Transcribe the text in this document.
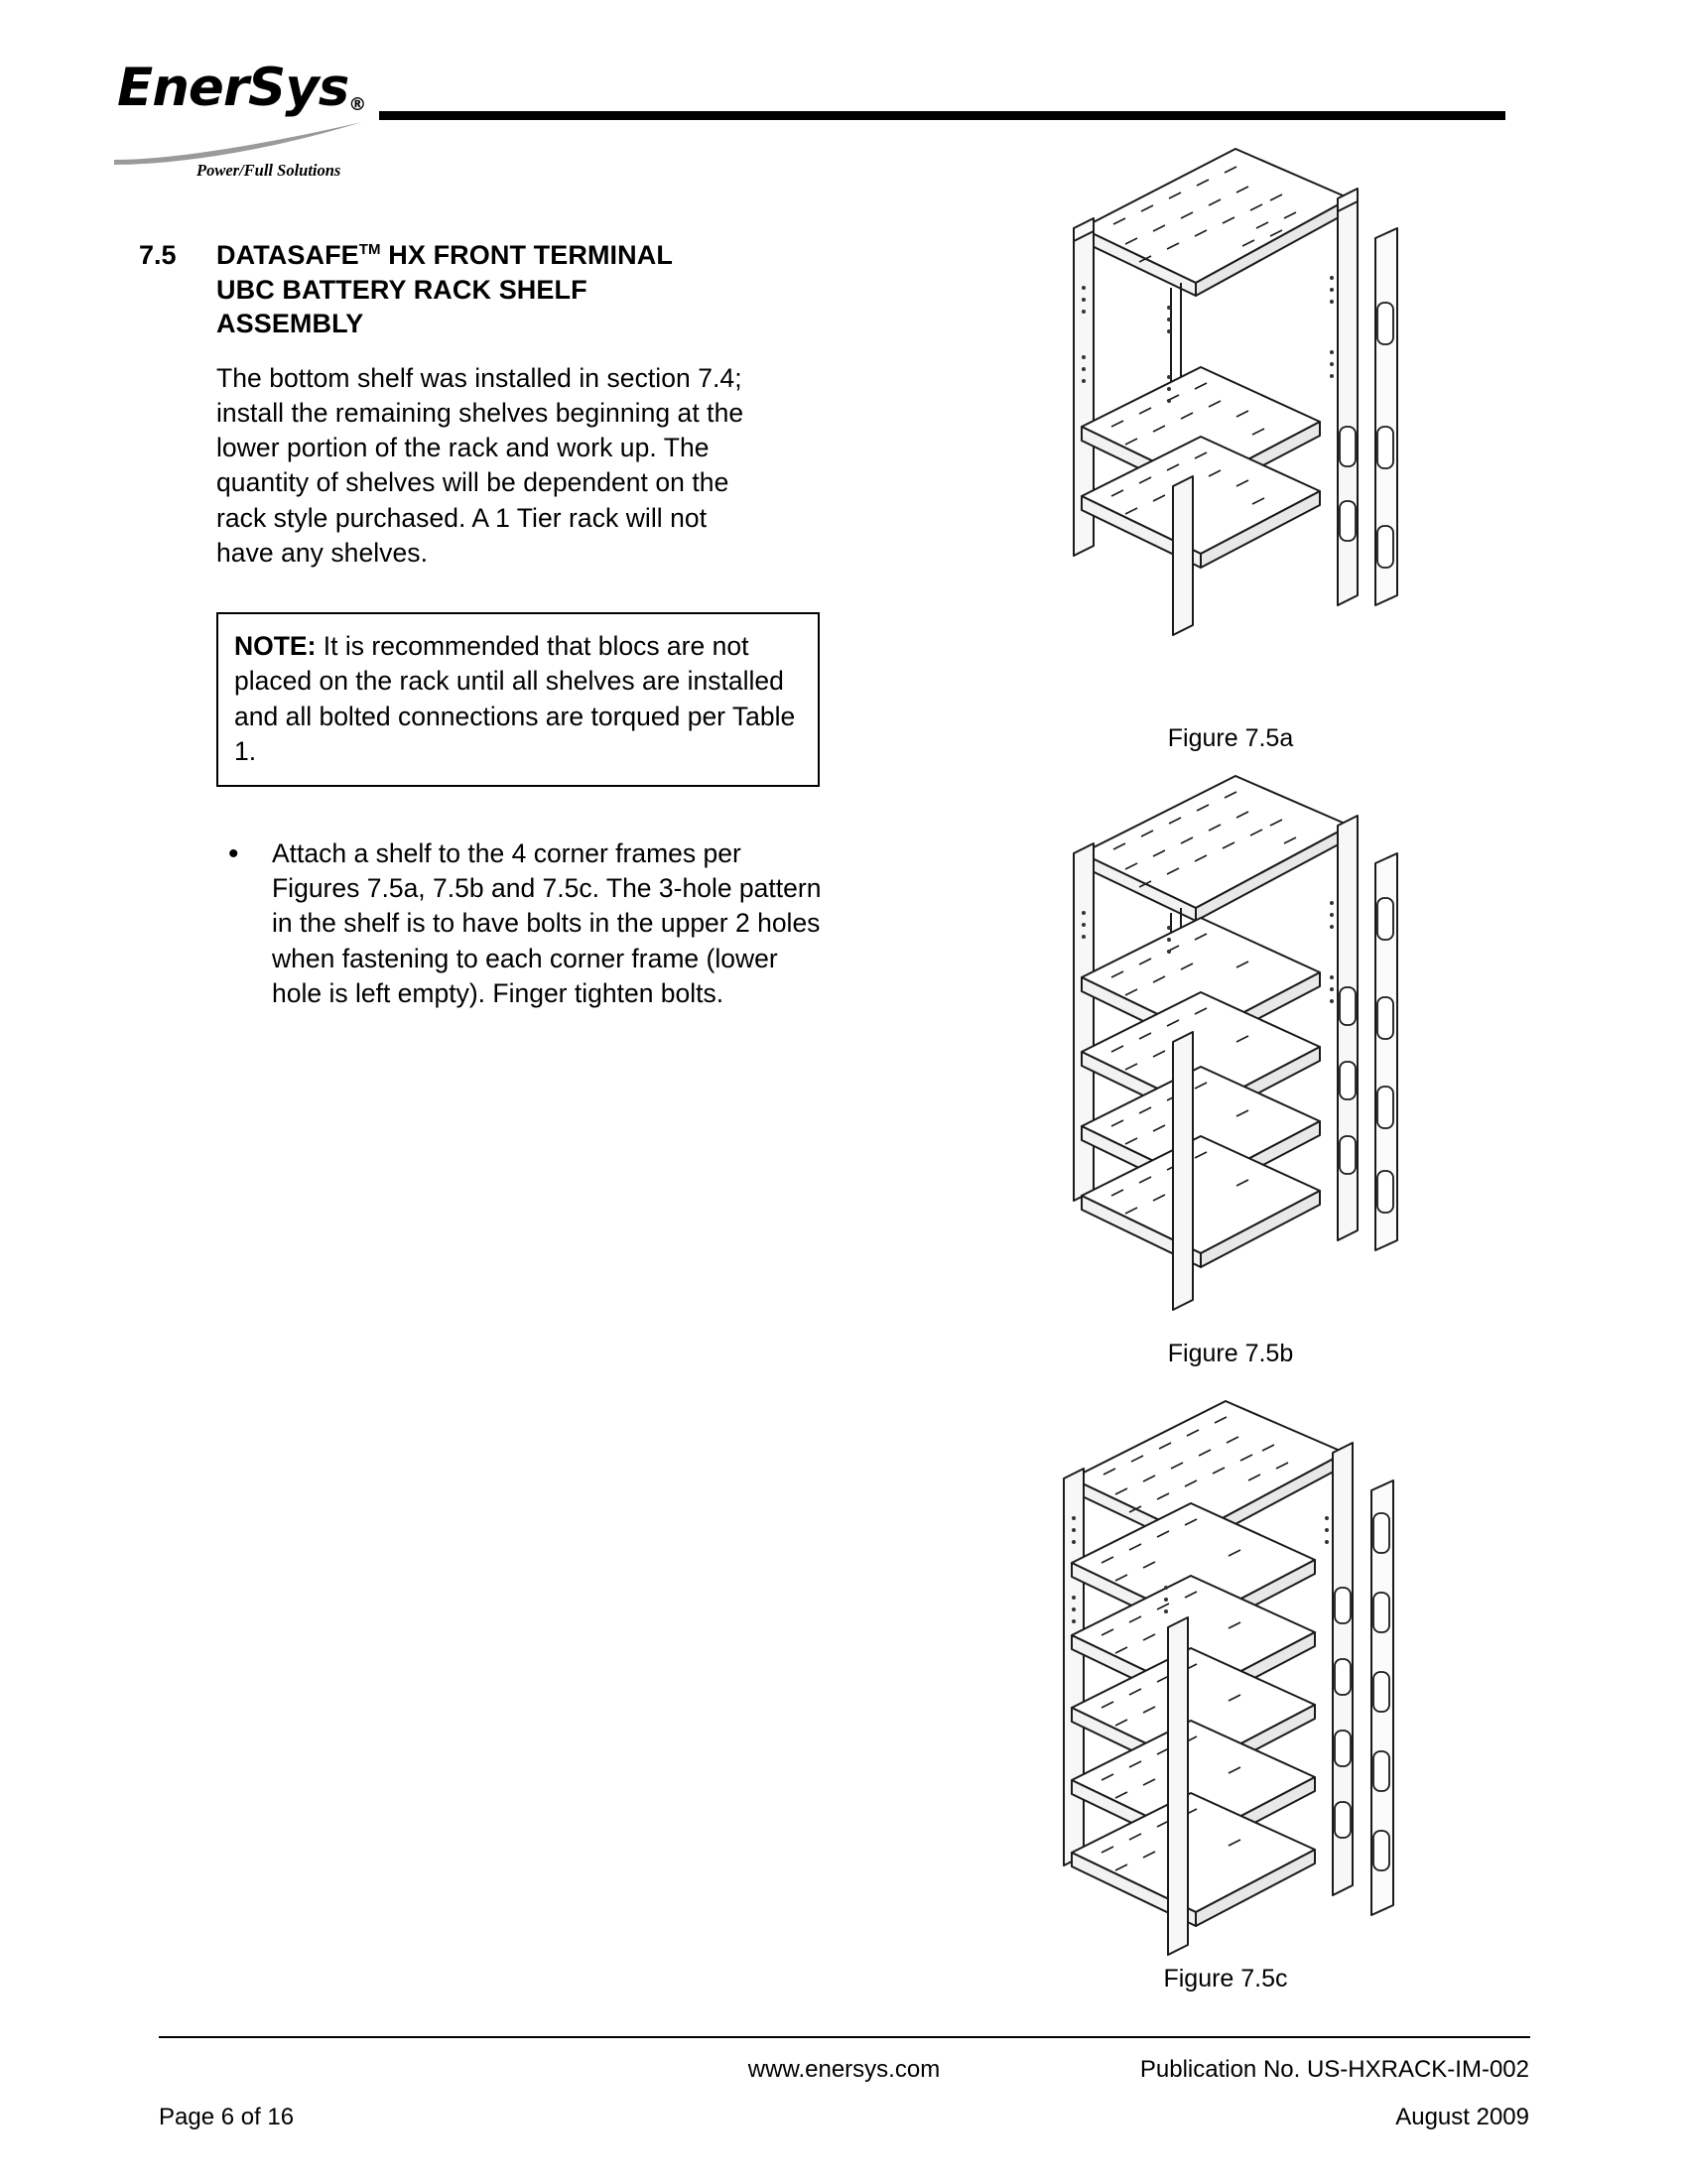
EnerSys®
Power/Full Solutions
7.5	DATASAFE™ HX FRONT TERMINAL
UBC BATTERY RACK SHELF
ASSEMBLY
The bottom shelf was installed in section 7.4; install the remaining shelves beginning at the lower portion of the rack and work up. The quantity of shelves will be dependent on the rack style purchased. A 1 Tier rack will not have any shelves.
NOTE: It is recommended that blocs are not placed on the rack until all shelves are installed and all bolted connections are torqued per Table 1.
•	Attach a shelf to the 4 corner frames per Figures 7.5a, 7.5b and 7.5c. The 3-hole pattern in the shelf is to have bolts in the upper 2 holes when fastening to each corner frame (lower hole is left empty). Finger tighten bolts.
Figure 7.5a
Figure 7.5b
Figure 7.5c
www.enersys.com	Publication No. US-HXRACK-IM-002
Page 6 of 16	August 2009
